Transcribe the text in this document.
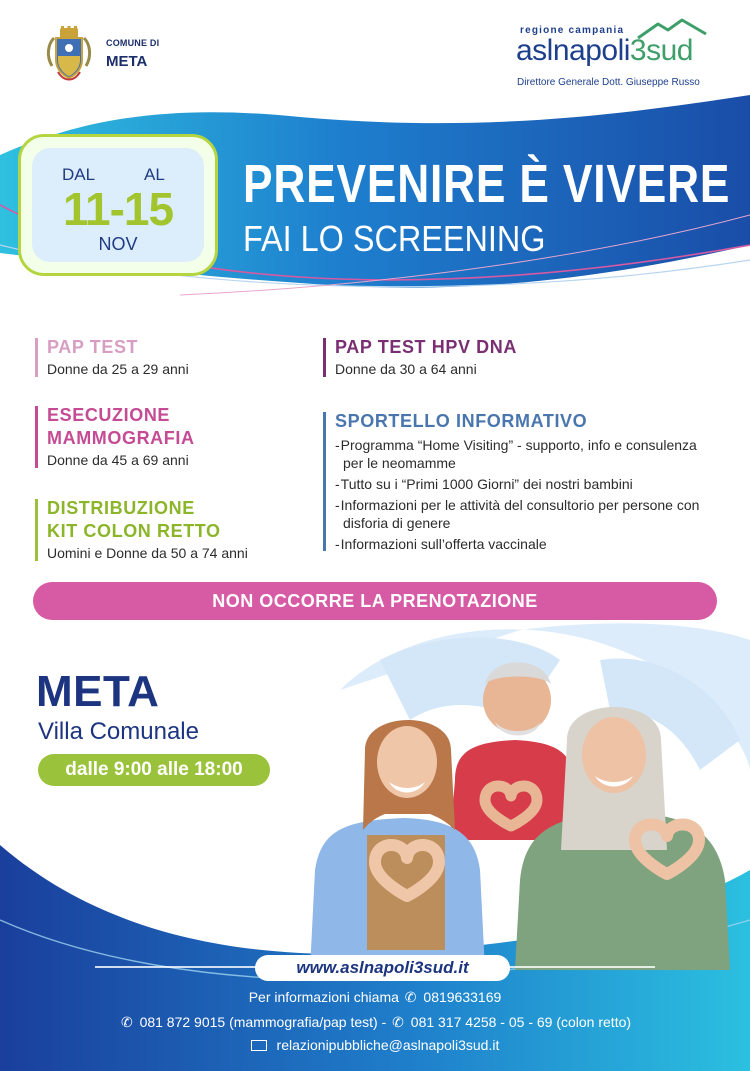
COMUNE DI
META
regione campania
aslnapoli3sud
Direttore Generale Dott. Giuseppe Russo
DAL	AL
11-15
NOV
PREVENIRE È VIVERE
FAI LO SCREENING
PAP TEST
Donne da 25 a 29 anni
ESECUZIONE
MAMMOGRAFIA
Donne da 45 a 69 anni
DISTRIBUZIONE
KIT COLON RETTO
Uomini e Donne da 50 a 74 anni
PAP TEST HPV DNA
Donne da 30 a 64 anni
SPORTELLO INFORMATIVO
- Programma “Home Visiting” - supporto, info e consulenza per le neomamme
- Tutto su i “Primi 1000 Giorni” dei nostri bambini
- Informazioni per le attività del consultorio per persone con disforia di genere
- Informazioni sull’offerta vaccinale
NON OCCORRE LA PRENOTAZIONE
META
Villa Comunale
dalle 9:00 alle 18:00
www.aslnapoli3sud.it
Per informazioni chiama ✆ 0819633169
✆ 081 872 9015 (mammografia/pap test) - ✆ 081 317 4258 - 05 - 69 (colon retto)
relazionipubbliche@aslnapoli3sud.it
